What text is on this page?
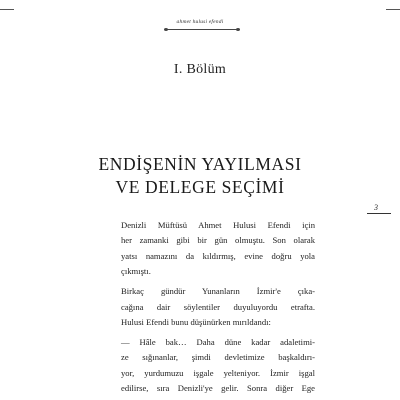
ahmet hulusi efendi
I. Bölüm
ENDİŞENİN YAYILMASI
VE DELEGE SEÇİMİ
3

Denizli Müftüsü Ahmet Hulusi Efendi için
her zamanki gibi bir gün olmuştu. Son olarak
yatsı namazını da kıldırmış, evine doğru yola
çıkmıştı.

Birkaç gündür Yunanların İzmir'e çıka-
cağına dair söylentiler duyuluyordu etrafta.
Hulusi Efendi bunu düşünürken mırıldandı:

— Hâle bak… Daha düne kadar adaletimi-
ze sığınanlar, şimdi devletimize başkaldırı-
yor, yurdumuzu işgale yelteniyor. İzmir işgal
edilirse, sıra Denizli'ye gelir. Sonra diğer Ege
